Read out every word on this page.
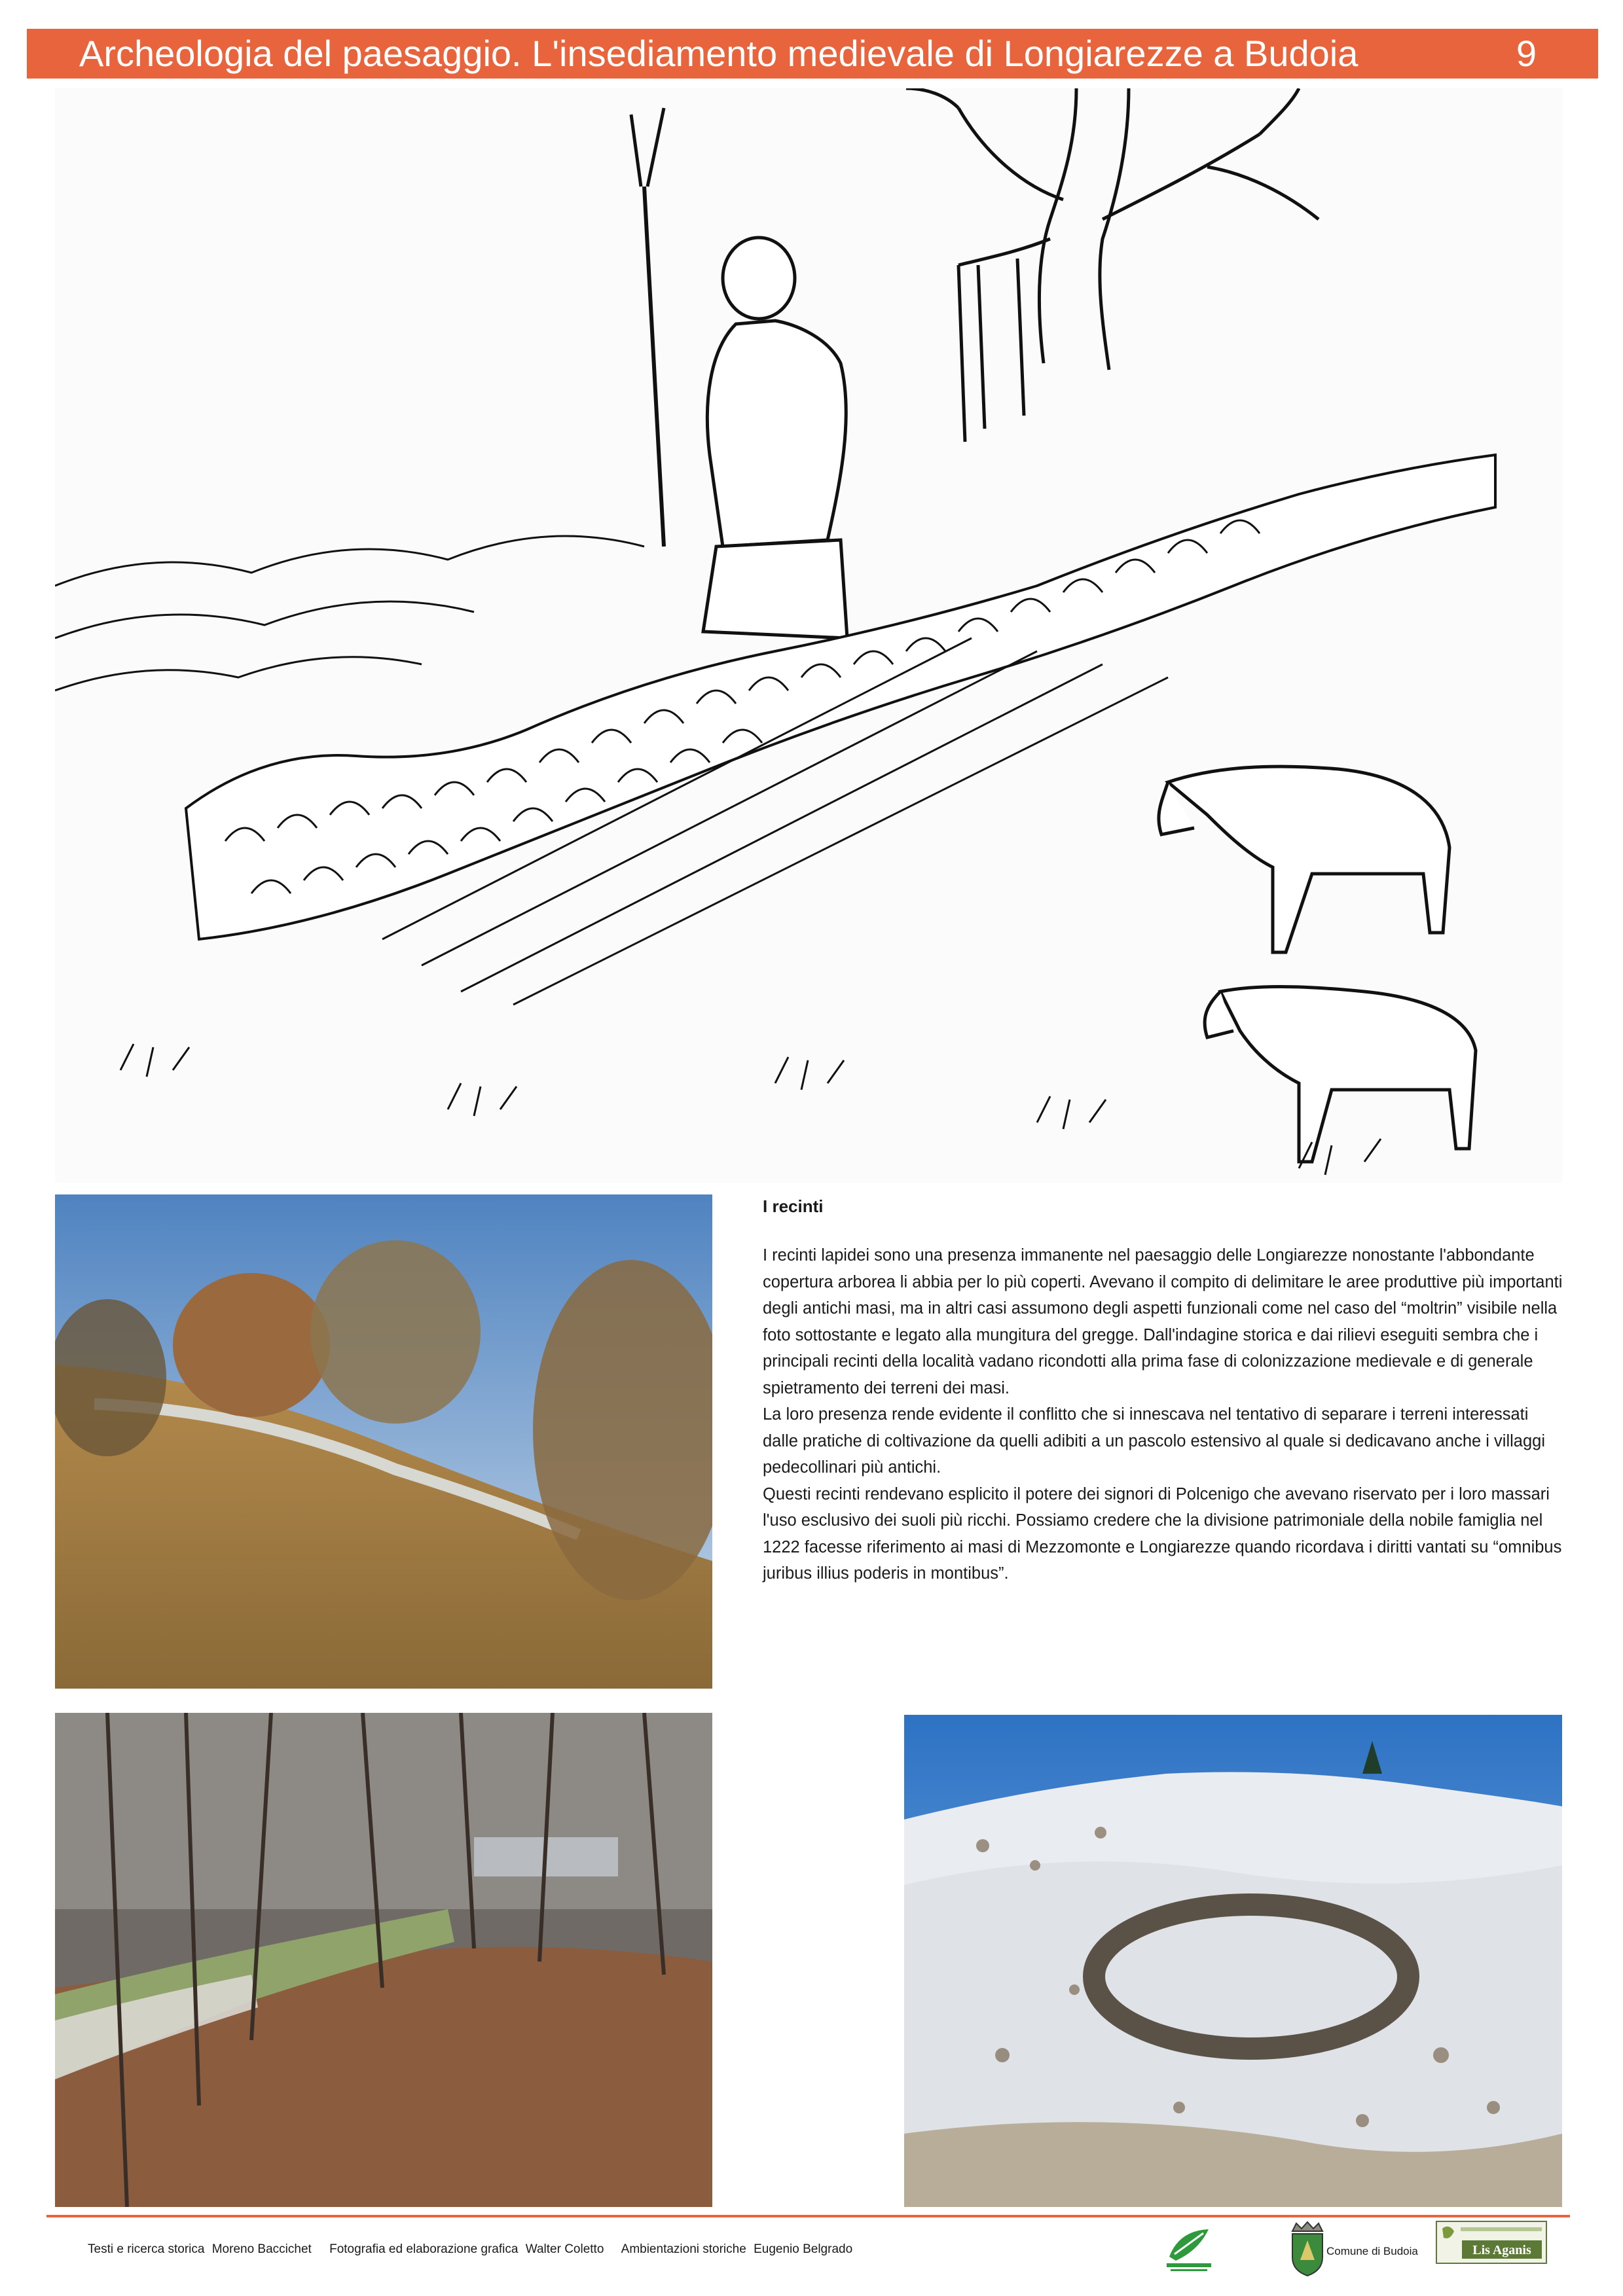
Archeologia del paesaggio. L'insediamento medievale di Longiarezze a Budoia	9
I recinti

I recinti lapidei sono una presenza immanente nel paesaggio delle Longiarezze nonostante l'abbondante copertura arborea li abbia per lo più coperti. Avevano il compito di delimitare le aree produttive più importanti degli antichi masi, ma in altri casi assumono degli aspetti funzionali come nel caso del “moltrin” visibile nella foto sottostante e legato alla mungitura del gregge. Dall'indagine storica e dai rilievi eseguiti sembra che i principali recinti della località vadano ricondotti alla prima fase di colonizzazione medievale e di generale spietramento dei terreni dei masi.

La loro presenza rende evidente il conflitto che si innescava nel tentativo di separare i terreni interessati dalle pratiche di coltivazione da quelli adibiti a un pascolo estensivo al quale si dedicavano anche i villaggi pedecollinari più antichi.

Questi recinti rendevano esplicito il potere dei signori di Polcenigo che avevano riservato per i loro massari l'uso esclusivo dei suoli più ricchi. Possiamo credere che la divisione patrimoniale della nobile famiglia nel 1222 facesse riferimento ai masi di Mezzomonte e Longiarezze quando ricordava i diritti vantati su “omnibus juribus illius poderis in montibus”.

Testi e ricerca storica Moreno Baccichet Fotografia ed elaborazione grafica Walter Coletto Ambientazioni storiche Eugenio Belgrado	Comune di Budoia	Lis Aganis
